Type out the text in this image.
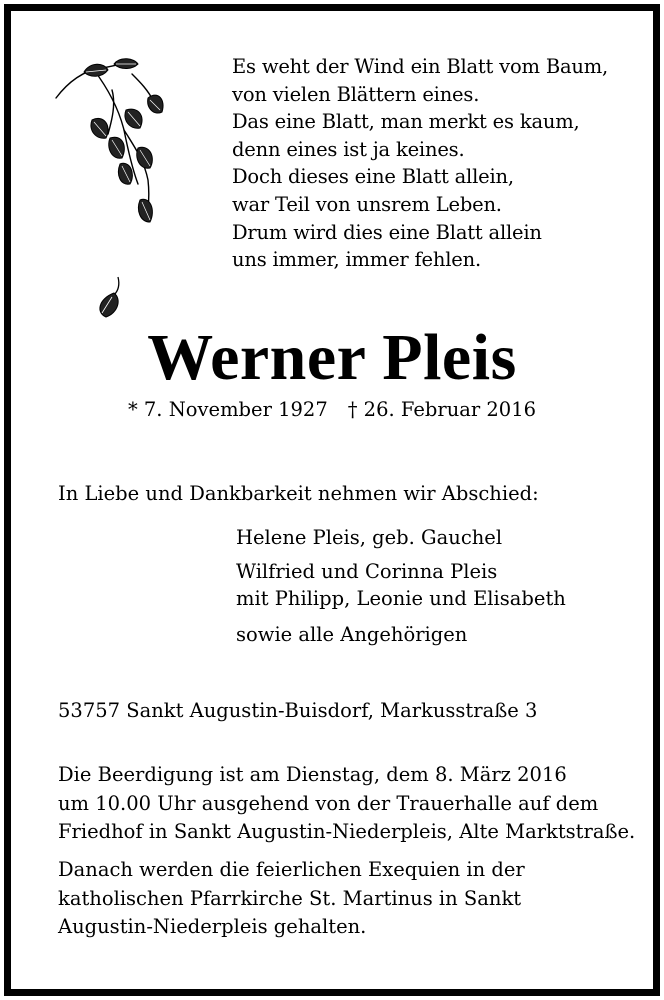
Es weht der Wind ein Blatt vom Baum,
von vielen Blättern eines.
Das eine Blatt, man merkt es kaum,
denn eines ist ja keines.
Doch dieses eine Blatt allein,
war Teil von unsrem Leben.
Drum wird dies eine Blatt allein
uns immer, immer fehlen.
Werner Pleis
* 7. November 1927 † 26. Februar 2016
In Liebe und Dankbarkeit nehmen wir Abschied:
Helene Pleis, geb. Gauchel
Wilfried und Corinna Pleis
mit Philipp, Leonie und Elisabeth
sowie alle Angehörigen
53757 Sankt Augustin-Buisdorf, Markusstraße 3
Die Beerdigung ist am Dienstag, dem 8. März 2016
um 10.00 Uhr ausgehend von der Trauerhalle auf dem
Friedhof in Sankt Augustin-Niederpleis, Alte Marktstraße.
Danach werden die feierlichen Exequien in der
katholischen Pfarrkirche St. Martinus in Sankt
Augustin-Niederpleis gehalten.
